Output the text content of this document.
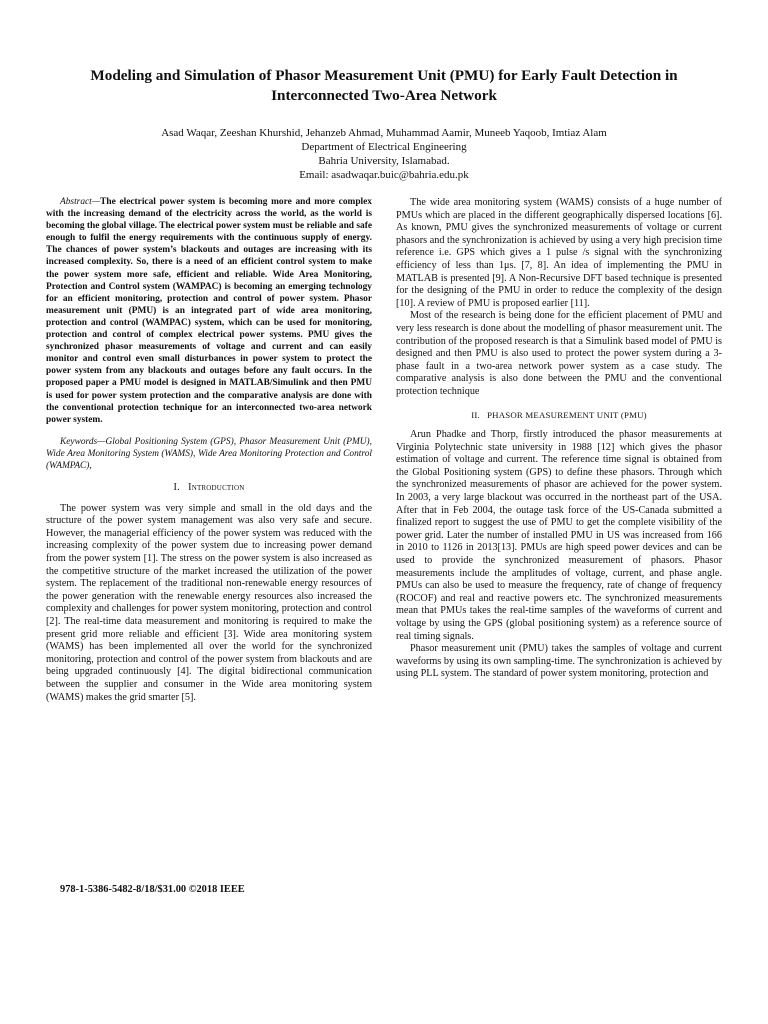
Modeling and Simulation of Phasor Measurement Unit (PMU) for Early Fault Detection in
Interconnected Two-Area Network
Asad Waqar, Zeeshan Khurshid, Jehanzeb Ahmad, Muhammad Aamir, Muneeb Yaqoob, Imtiaz Alam
Department of Electrical Engineering
Bahria University, Islamabad.
Email: asadwaqar.buic@bahria.edu.pk

Abstract—The electrical power system is becoming more and more complex with the increasing demand of the electricity across the world, as the world is becoming the global village. The electrical power system must be reliable and safe enough to fulfil the energy requirements with the continuous supply of energy. The chances of power system’s blackouts and outages are increasing with its increased complexity. So, there is a need of an efficient control system to make the power system more safe, efficient and reliable. Wide Area Monitoring, Protection and Control system (WAMPAC) is becoming an emerging technology for an efficient monitoring, protection and control of power system. Phasor measurement unit (PMU) is an integrated part of wide area monitoring, protection and control (WAMPAC) system, which can be used for monitoring, protection and control of complex electrical power systems. PMU gives the synchronized phasor measurements of voltage and current and can easily monitor and control even small disturbances in power system to protect the power system from any blackouts and outages before any fault occurs. In the proposed paper a PMU model is designed in MATLAB/Simulink and then PMU is used for power system protection and the comparative analysis are done with the conventional protection technique for an interconnected two-area network power system.

Keywords—Global Positioning System (GPS), Phasor Measurement Unit (PMU), Wide Area Monitoring System (WAMS), Wide Area Monitoring Protection and Control (WAMPAC),

I. Introduction

The power system was very simple and small in the old days and the structure of the power system management was also very safe and secure. However, the managerial efficiency of the power system was reduced with the increasing complexity of the power system due to increasing power demand from the power system [1]. The stress on the power system is also increased as the competitive structure of the market increased the utilization of the power system. The replacement of the traditional non-renewable energy resources of the power generation with the renewable energy resources also increased the complexity and challenges for power system monitoring, protection and control [2]. The real-time data measurement and monitoring is required to make the present grid more reliable and efficient [3]. Wide area monitoring system (WAMS) has been implemented all over the world for the synchronized monitoring, protection and control of the power system from blackouts and are being upgraded continuously [4]. The digital bidirectional communication between the supplier and consumer in the Wide area monitoring system (WAMS) makes the grid smarter [5].

The wide area monitoring system (WAMS) consists of a huge number of PMUs which are placed in the different geographically dispersed locations [6]. As known, PMU gives the synchronized measurements of voltage or current phasors and the synchronization is achieved by using a very high precision time reference i.e. GPS which gives a 1 pulse /s signal with the synchronizing efficiency of less than 1μs. [7, 8]. An idea of implementing the PMU in MATLAB is presented [9]. A Non-Recursive DFT based technique is presented for the designing of the PMU in order to reduce the complexity of the design [10]. A review of PMU is proposed earlier [11].

Most of the research is being done for the efficient placement of PMU and very less research is done about the modelling of phasor measurement unit. The contribution of the proposed research is that a Simulink based model of PMU is designed and then PMU is also used to protect the power system during a 3-phase fault in a two-area network power system as a case study. The comparative analysis is also done between the PMU and the conventional protection technique

II. PHASOR MEASUREMENT UNIT (PMU)

Arun Phadke and Thorp, firstly introduced the phasor measurements at Virginia Polytechnic state university in 1988 [12] which gives the phasor estimation of voltage and current. The reference time signal is obtained from the Global Positioning system (GPS) to define these phasors. Through which the synchronized measurements of phasor are achieved for the power system. In 2003, a very large blackout was occurred in the northeast part of the USA. After that in Feb 2004, the outage task force of the US-Canada submitted a finalized report to suggest the use of PMU to get the complete visibility of the power grid. Later the number of installed PMU in US was increased from 166 in 2010 to 1126 in 2013[13]. PMUs are high speed power devices and can be used to provide the synchronized measurement of phasors. Phasor measurements include the amplitudes of voltage, current, and phase angle. PMUs can also be used to measure the frequency, rate of change of frequency (ROCOF) and real and reactive powers etc. The synchronized measurements mean that PMUs takes the real-time samples of the waveforms of current and voltage by using the GPS (global positioning system) as a reference source of real timing signals.

Phasor measurement unit (PMU) takes the samples of voltage and current waveforms by using its own sampling-time. The synchronization is achieved by using PLL system. The standard of power system monitoring, protection and

978-1-5386-5482-8/18/$31.00 ©2018 IEEE
